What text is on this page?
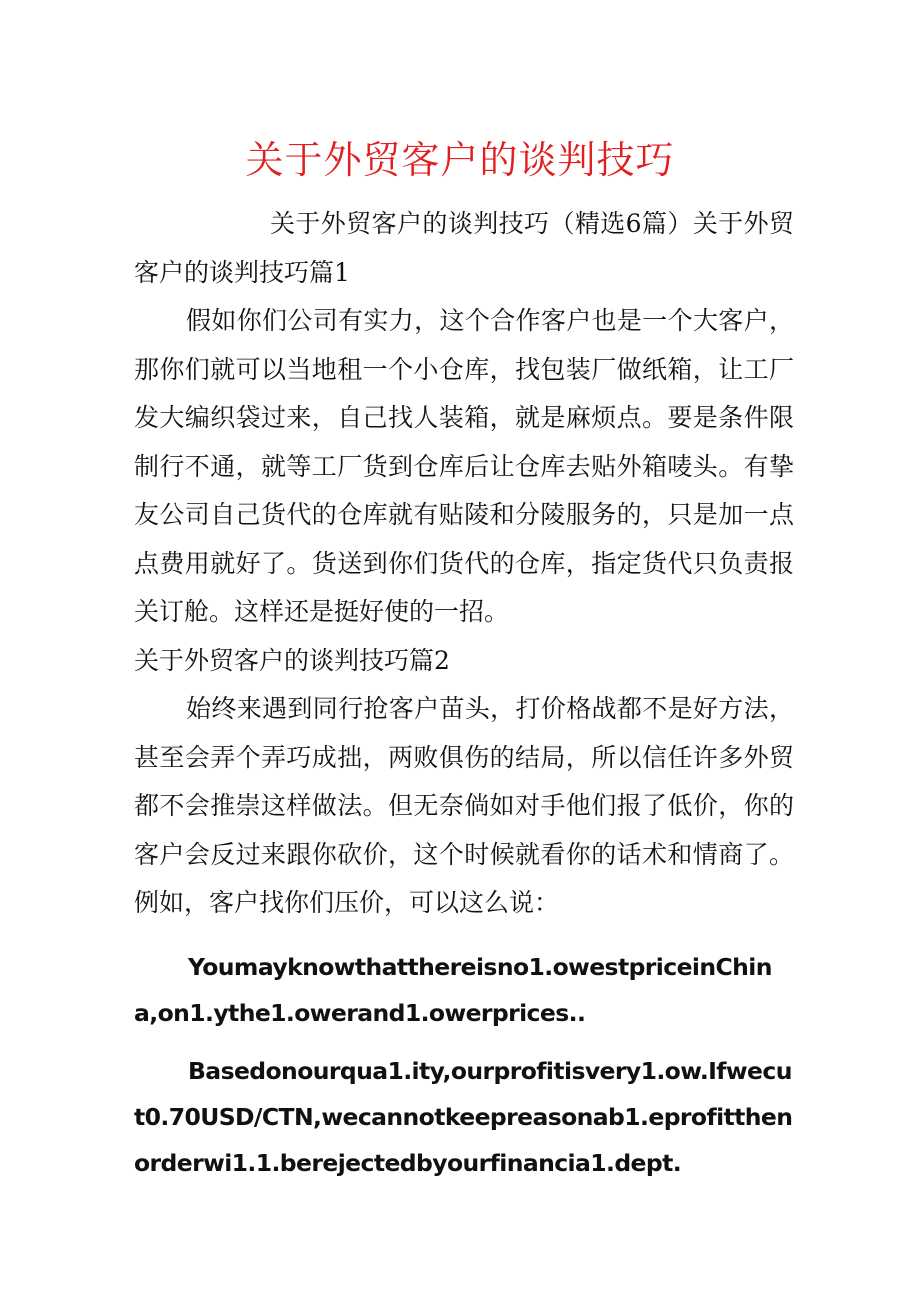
关于外贸客户的谈判技巧

关于外贸客户的谈判技巧（精选6篇）关于外贸客户的谈判技巧篇1

假如你们公司有实力，这个合作客户也是一个大客户，那你们就可以当地租一个小仓库，找包装厂做纸箱，让工厂发大编织袋过来，自己找人装箱，就是麻烦点。要是条件限制行不通，就等工厂货到仓库后让仓库去贴外箱唛头。有挚友公司自己货代的仓库就有贴陵和分陵服务的，只是加一点点费用就好了。货送到你们货代的仓库，指定货代只负责报关订舱。这样还是挺好使的一招。

关于外贸客户的谈判技巧篇2

始终来遇到同行抢客户苗头，打价格战都不是好方法，甚至会弄个弄巧成拙，两败俱伤的结局，所以信任许多外贸都不会推崇这样做法。但无奈倘如对手他们报了低价，你的客户会反过来跟你砍价，这个时候就看你的话术和情商了。例如，客户找你们压价，可以这么说：

Youmayknowthatthereisno1.owestpriceinChina,on1.ythe1.owerand1.owerprices..

Basedonourqua1.ity,ourprofitisvery1.ow.Ifwecut0.70USD/CTN,wecannotkeepreasonab1.eprofitthenorderwi1.1.berejectedbyourfinancia1.dept.
